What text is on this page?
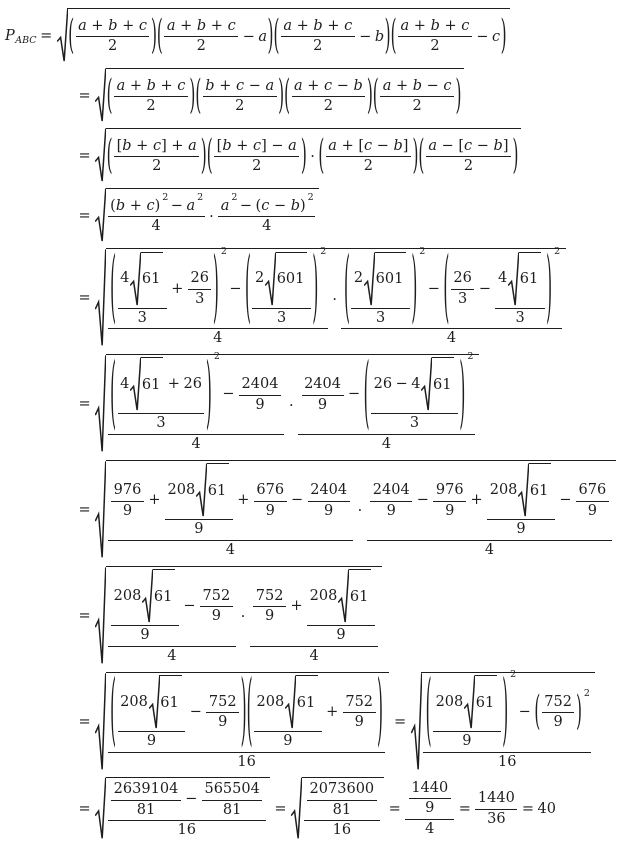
P ABC = ( $\frac{a + b + c}{2}$ ) ( $\frac{a + b + c}{2} - a$ ) ( $\frac{a + b + c}{2} - b$ ) ( $\frac{a + b + c}{2} - c$ )
= ( $\frac{a + b + c}{2}$ ) ( $\frac{b + c - a}{2}$ ) ( $\frac{a + c - b}{2}$ ) ( $\frac{a + b - c}{2}$ )
= ( $\frac{[b + c] + a}{2}$ ) ( $\frac{[b + c] - a}{2}$ ) · ( $\frac{a + [c - b]}{2}$ ) ( $\frac{a - [c - b]}{2}$ )
= (b + c)
2
− a
2
4 · a
2
− (c − b)
2
4
= ( $\frac{4 61}{3} + \frac{26}{3}$ ) 2
− ( $\frac{2 601}{3}$ ) 2
4 · ( $\frac{2 601}{3}$ ) 2
− ( $\frac{26}{3} - \frac{4 61}{3}$ ) 2
4
= ( $\frac{4 61 + 26}{3}$ ) 2
− $\frac{2404}{9}$
$4 \cdot \frac{\frac{2404}{9} - ( \frac{26 - 4 61}{3} ) 2}{4}$
= $\frac{\frac{976}{9} + \frac{208 61}{9} + \frac{676}{9} - \frac{2404}{9}}{4} \cdot \frac{\frac{2404}{9} - \frac{976}{9} + \frac{208 61}{9} - \frac{676}{9}}{4}$
= $\frac{\frac{208 61}{9} - \frac{752}{9}}{4} \cdot \frac{\frac{752}{9} + \frac{208 61}{9}}{4}$
= $\frac{( \frac{208 61}{9} - \frac{752}{9} ) ( \frac{208 61}{9} + \frac{752}{9} )}{16}$ = ( $\frac{208 61}{9}$ ) 2
− ( $\frac{752}{9}$ ) 2
16
= $\frac{\frac{2639104}{81} - \frac{565504}{81}}{16} = \frac{\frac{2073600}{81}}{16} = \frac{\frac{1440}{9}}{4} = \frac{1440}{36} = 40$
